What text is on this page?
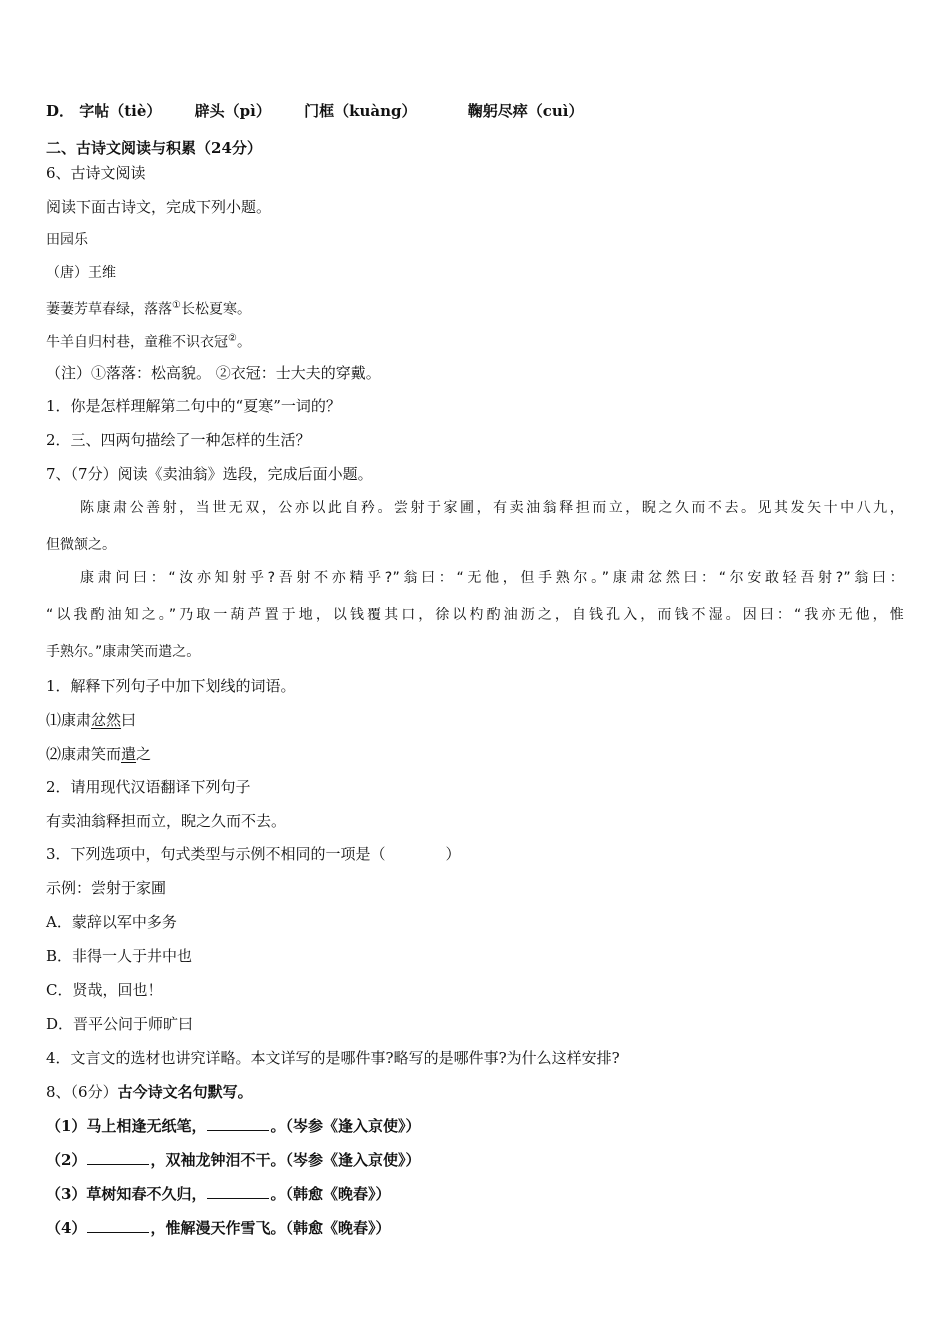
D． 字帖（tiè） 辟头（pì） 门框（kuàng）	鞠躬尽瘁（cuì）
二、古诗文阅读与积累（24分）
6、古诗文阅读
阅读下面古诗文，完成下列小题。
田园乐
（唐）王维
萋萋芳草春绿，落落①长松夏寒。
牛羊自归村巷，童稚不识衣冠②。
（注）①落落：松高貌。 ②衣冠：士大夫的穿戴。
1．你是怎样理解第二句中的“夏寒”一词的？
2．三、四两句描绘了一种怎样的生活？
7、（7分）阅读《卖油翁》选段，完成后面小题。
陈康肃公善射，当世无双，公亦以此自矜。尝射于家圃，有卖油翁释担而立，睨之久而不去。见其发矢十中八九，
但微颔之。
康肃问曰：“汝亦知射乎?吾射不亦精乎?”翁曰：“无他，但手熟尔。”康肃忿然曰：“尔安敢轻吾射?”翁曰：
“以我酌油知之。”乃取一葫芦置于地，以钱覆其口，徐以杓酌油沥之，自钱孔入，而钱不湿。因曰：“我亦无他，惟
手熟尔。”康肃笑而遣之。
1．解释下列句子中加下划线的词语。
⑴康肃忿然曰
⑵康肃笑而遣之
2．请用现代汉语翻译下列句子
有卖油翁释担而立，睨之久而不去。
3．下列选项中，句式类型与示例不相同的一项是（　　　　）
示例：尝射于家圃
A．蒙辞以军中多务
B．非得一人于井中也
C．贤哉，回也！
D．晋平公问于师旷曰
4．文言文的选材也讲究详略。本文详写的是哪件事?略写的是哪件事?为什么这样安排?
8、（6分）古今诗文名句默写。
（1）马上相逢无纸笔，	。（岑参《逢入京使》）
（2）	，双袖龙钟泪不干。（岑参《逢入京使》）
（3）草树知春不久归，	。（韩愈《晚春》）
（4）	，惟解漫天作雪飞。（韩愈《晚春》）
